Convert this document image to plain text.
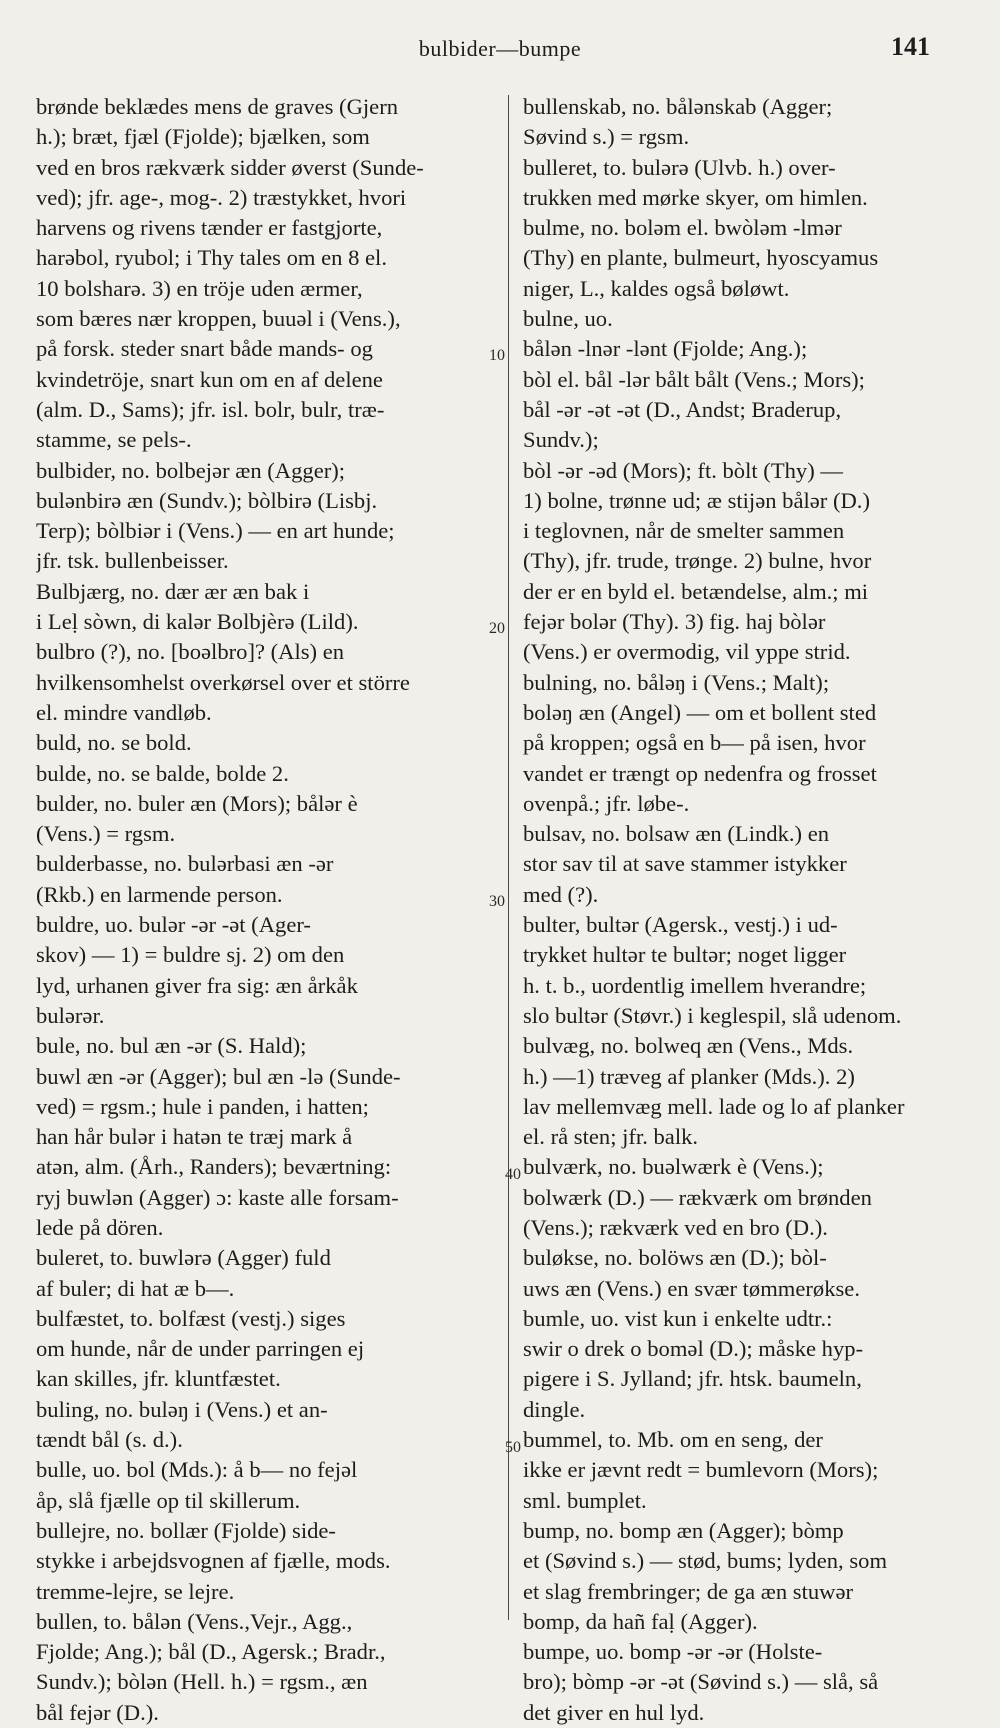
bulbider—bumpe	141
brønde beklædes mens de graves (Gjern
h.); bræt, fjæl (Fjolde); bjælken, som
ved en bros rækværk sidder øverst (Sunde-
ved); jfr. age-, mog-. 2) træstykket, hvori
harvens og rivens tænder er fastgjorte,
harəbol, ryubol; i Thy tales om en 8 el.
10 bolsharə. 3) en tröje uden ærmer,
som bæres nær kroppen, buuəl i (Vens.),
på forsk. steder snart både mands- og
kvindetröje, snart kun om en af delene
(alm. D., Sams); jfr. isl. bolr, bulr, træ-
stamme, se pels-.
bulbider, no. bolbejər æn (Agger);
bulənbirə æn (Sundv.); bòlbirə (Lisbj.
Terp); bòlbiər i (Vens.) — en art hunde;
jfr. tsk. bullenbeisser.
Bulbjærg, no. dær ær æn bak i
i Leḷ sòwn, di kalər Bolbjèrə (Lild).
bulbro (?), no. [boəlbro]? (Als) en
hvilkensomhelst overkørsel over et större
el. mindre vandløb.
buld, no. se bold.
bulde, no. se balde, bolde 2.
bulder, no. buler æn (Mors); bålər è
(Vens.) = rgsm.
bulderbasse, no. bulərbasi æn -ər
(Rkb.) en larmende person.
buldre, uo. bulər -ər -ət (Ager-
skov) — 1) = buldre sj. 2) om den
lyd, urhanen giver fra sig: æn årkåk
bulərər.
bule, no. bul æn -ər (S. Hald);
buwl æn -ər (Agger); bul æn -lə (Sunde-
ved) = rgsm.; hule i panden, i hatten;
han hår bulər i hatən te træj mark å
atən, alm. (Årh., Randers); beværtning:
ryj buwlən (Agger) ɔ: kaste alle forsam-
lede på dören.
buleret, to. buwlərə (Agger) fuld
af buler; di hat æ b—.
bulfæstet, to. bolfæst (vestj.) siges
om hunde, når de under parringen ej
kan skilles, jfr. kluntfæstet.
buling, no. buləŋ i (Vens.) et an-
tændt bål (s. d.).
bulle, uo. bol (Mds.): å b— no fejəl
åp, slå fjælle op til skillerum.
bullejre, no. bollær (Fjolde) side-
stykke i arbejdsvognen af fjælle, mods.
tremme-lejre, se lejre.
bullen, to. bålən (Vens.,Vejr., Agg.,
Fjolde; Ang.); bål (D., Agersk.; Bradr.,
Sundv.); bòlən (Hell. h.) = rgsm., æn
bål fejər (D.).
bullenskab, no. bålənskab (Agger;
Søvind s.) = rgsm.
bulleret, to. bulərə (Ulvb. h.) over-
trukken med mørke skyer, om himlen.
bulme, no. boləm el. bwòləm -lmər
(Thy) en plante, bulmeurt, hyoscyamus
niger, L., kaldes også bøløwt.
bulne, uo.
bålən -lnər -lənt (Fjolde; Ang.);
bòl el. bål -lər bålt bålt (Vens.; Mors);
bål -ər -ət -ət (D., Andst; Braderup,
Sundv.);
bòl -ər -əd (Mors); ft. bòlt (Thy) —
1) bolne, trønne ud; æ stijən bålər (D.)
i teglovnen, når de smelter sammen
(Thy), jfr. trude, trønge. 2) bulne, hvor
der er en byld el. betændelse, alm.; mi
fejər bolər (Thy). 3) fig. haj bòlər
(Vens.) er overmodig, vil yppe strid.
bulning, no. båləŋ i (Vens.; Malt);
boləŋ æn (Angel) — om et bollent sted
på kroppen; også en b— på isen, hvor
vandet er trængt op nedenfra og frosset
ovenpå.; jfr. løbe-.
bulsav, no. bolsaw æn (Lindk.) en
stor sav til at save stammer istykker
med (?).
bulter, bultər (Agersk., vestj.) i ud-
trykket hultər te bultər; noget ligger
h. t. b., uordentlig imellem hverandre;
slo bultər (Støvr.) i keglespil, slå udenom.
bulvæg, no. bolweq æn (Vens., Mds.
h.) —1) træveg af planker (Mds.). 2)
lav mellemvæg mell. lade og lo af planker
el. rå sten; jfr. balk.
bulværk, no. buəlwærk è (Vens.);
bolwærk (D.) — rækværk om brønden
(Vens.); rækværk ved en bro (D.).
buløkse, no. bolöws æn (D.); bòl-
uws æn (Vens.) en svær tømmerøkse.
bumle, uo. vist kun i enkelte udtr.:
swir o drek o boməl (D.); måske hyp-
pigere i S. Jylland; jfr. htsk. baumeln,
dingle.
bummel, to. Mb. om en seng, der
ikke er jævnt redt = bumlevorn (Mors);
sml. bumplet.
bump, no. bomp æn (Agger); bòmp
et (Søvind s.) — stød, bums; lyden, som
et slag frembringer; de ga æn stuwər
bomp, da hañ faḷ (Agger).
bumpe, uo. bomp -ər -ər (Holste-
bro); bòmp -ər -ət (Søvind s.) — slå, så
det giver en hul lyd.
10
20
30
40
50
